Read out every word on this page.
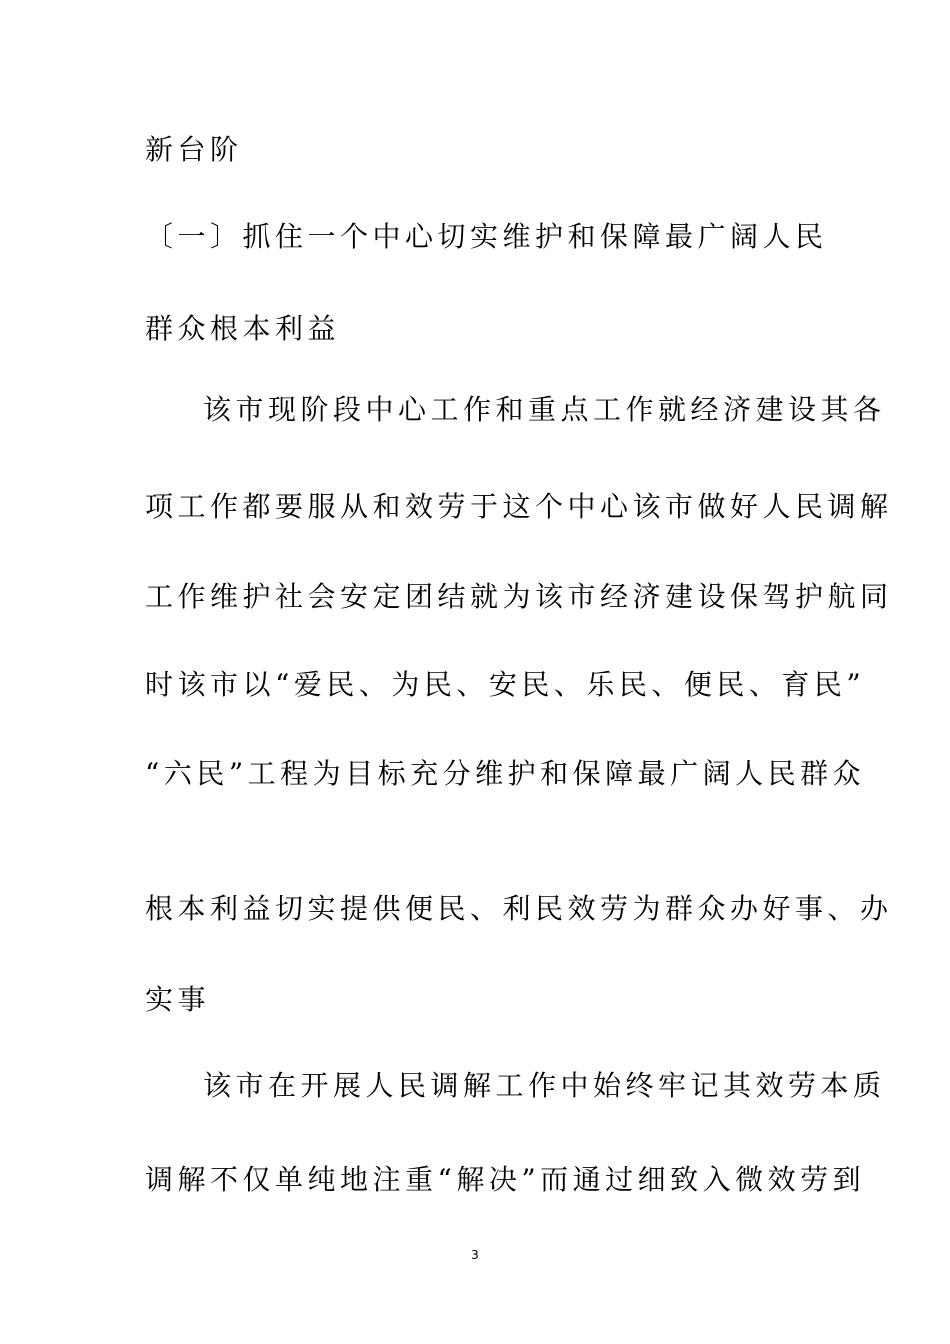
新台阶
〔一〕抓住一个中心切实维护和保障最广阔人民
群众根本利益
该市现阶段中心工作和重点工作就经济建设其各
项工作都要服从和效劳于这个中心该市做好人民调解
工作维护社会安定团结就为该市经济建设保驾护航同
时该市以“爱民、为民、安民、乐民、便民、育民”
“六民”工程为目标充分维护和保障最广阔人民群众
根本利益切实提供便民、利民效劳为群众办好事、办
实事
该市在开展人民调解工作中始终牢记其效劳本质
调解不仅单纯地注重“解决”而通过细致入微效劳到
3
